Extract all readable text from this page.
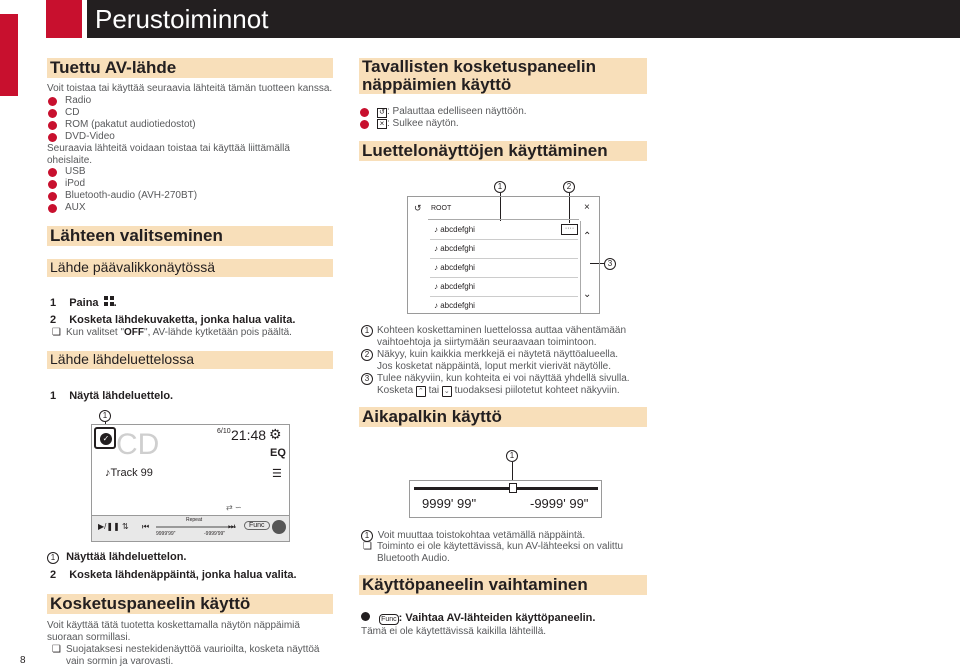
Perustoiminnot
8
Tuettu AV-lähde
Voit toistaa tai käyttää seuraavia lähteitä tämän tuotteen kanssa.
Radio
CD
ROM (pakatut audiotiedostot)
DVD-Video
Seuraavia lähteitä voidaan toistaa tai käyttää liittämällä oheislaite.
USB
iPod
Bluetooth-audio (AVH-270BT)
AUX
Lähteen valitseminen
Lähde päävalikkonäytössä
1 Paina .
2 Kosketa lähdekuvaketta, jonka halua valita.
❏ Kun valitset "OFF", AV-lähde kytketään pois päältä.
Lähde lähdeluettelossa
1 Näytä lähdeluettelo.
1
✓ CD	6/10 21:48 ⚙
EQ
♪Track 99	☰
⇄ ∽
▶/❚❚ ⇅ ⏮
Repeat
9999'99"	-9999'99"
⏭	Func
1 Näyttää lähdeluettelon.
2 Kosketa lähdenäppäintä, jonka halua valita.
Kosketuspaneelin käyttö
Voit käyttää tätä tuotetta koskettamalla näytön näppäimiä suoraan sormillasi.
❏ Suojataksesi nestekidenäyttöä vaurioilta, kosketa näyttöä vain sormin ja varovasti.
Tavallisten kosketuspaneelin näppäimien käyttö
↺ : Palauttaa edelliseen näyttöön.
× : Sulkee näytön.
Luettelonäyttöjen käyttäminen
1	2
3
↺ ROOT	×
♪ abcdefghi	····
♪ abcdefghi
♪ abcdefghi
♪ abcdefghi
♪ abcdefghi
⌃
⌄
1 Kohteen koskettaminen luettelossa auttaa vähentämään vaihtoehtoja ja siirtymään seuraavaan toimintoon.
2 Näkyy, kuin kaikkia merkkejä ei näytetä näyttöalueella.
Jos kosketat näppäintä, loput merkit vierivät näytölle.
3 Tulee näkyviin, kun kohteita ei voi näyttää yhdellä sivulla.
Kosketa ⌃ tai ⌄ tuodaksesi piilotetut kohteet näkyviin.
Aikapalkin käyttö
1
9999' 99"	-9999' 99"
1 Voit muuttaa toistokohtaa vetämällä näppäintä.
❏ Toiminto ei ole käytettävissä, kun AV-lähteeksi on valittu Bluetooth Audio.
Käyttöpaneelin vaihtaminen
Func : Vaihtaa AV-lähteiden käyttöpaneelin.
Tämä ei ole käytettävissä kaikilla lähteillä.
